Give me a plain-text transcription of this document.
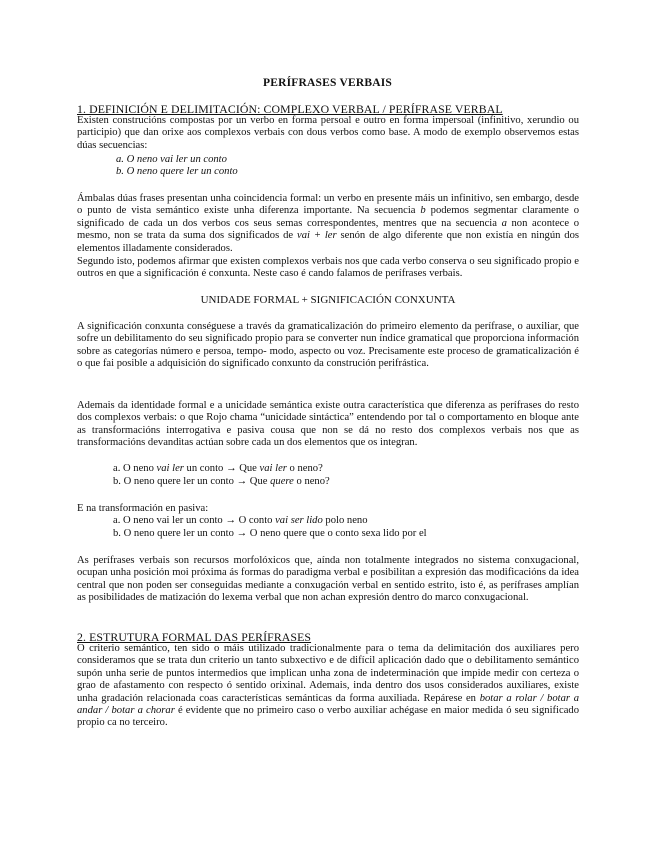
PERÍFRASES VERBAIS
1. DEFINICIÓN E DELIMITACIÓN: COMPLEXO VERBAL / PERÍFRASE VERBAL

Existen construcións compostas por un verbo en forma persoal e outro en forma impersoal (infinitivo, xerundio ou participio) que dan orixe aos complexos verbais con dous verbos como base. A modo de exemplo observemos estas dúas secuencias:

a. O neno vai ler un conto
b. O neno quere ler un conto

Ámbalas dúas frases presentan unha coincidencia formal: un verbo en presente máis un infinitivo, sen embargo, desde o punto de vista semántico existe unha diferenza importante. Na secuencia b podemos segmentar claramente o significado de cada un dos verbos cos seus semas correspondentes, mentres que na secuencia a non acontece o mesmo, non se trata da suma dos significados de vai + ler senón de algo diferente que non existía en ningún dos elementos illadamente considerados.

Segundo isto, podemos afirmar que existen complexos verbais nos que cada verbo conserva o seu significado propio e outros en que a significación é conxunta. Neste caso é cando falamos de perífrases verbais.

UNIDADE FORMAL + SIGNIFICACIÓN CONXUNTA

A significación conxunta conséguese a través da gramaticalización do primeiro elemento da perífrase, o auxiliar, que sofre un debilitamento do seu significado propio para se converter nun índice gramatical que proporciona información sobre as categorías número e persoa, tempo- modo, aspecto ou voz. Precisamente este proceso de gramaticalización é o que fai posible a adquisición do significado conxunto da construción perifrástica.

Ademais da identidade formal e a unicidade semántica existe outra característica que diferenza as perífrases do resto dos complexos verbais: o que Rojo chama “unicidade sintáctica” entendendo por tal o comportamento en bloque ante as transformacións interrogativa e pasiva cousa que non se dá no resto dos complexos verbais nos que as transformacións devanditas actúan sobre cada un dos elementos que os integran.

a. O neno vai ler un conto → Que vai ler o neno?
b. O neno quere ler un conto → Que quere o neno?
E na transformación en pasiva:
a. O neno vai ler un conto → O conto vai ser lido polo neno
b. O neno quere ler un conto → O neno quere que o conto sexa lido por el

As perífrases verbais son recursos morfolóxicos que, aínda non totalmente integrados no sistema conxugacional, ocupan unha posición moi próxima ás formas do paradigma verbal e posibilitan a expresión das modificacións da idea central que non poden ser conseguidas mediante a conxugación verbal en sentido estrito, isto é, as perífrases amplían as posibilidades de matización do lexema verbal que non achan expresión dentro do marco conxugacional.

2. ESTRUTURA FORMAL DAS PERÍFRASES

O criterio semántico, ten sido o máis utilizado tradicionalmente para o tema da delimitación dos auxiliares pero consideramos que se trata dun criterio un tanto subxectivo e de difícil aplicación dado que o debilitamento semántico supón unha serie de puntos intermedios que implican unha zona de indeterminación que impide medir con certeza o grao de afastamento con respecto ó sentido orixinal. Ademais, inda dentro dos usos considerados auxiliares, existe unha gradación relacionada coas características semánticas da forma auxiliada. Repárese en botar a rolar / botar a andar / botar a chorar é evidente que no primeiro caso o verbo auxiliar achégase en maior medida ó seu significado propio ca no terceiro.
